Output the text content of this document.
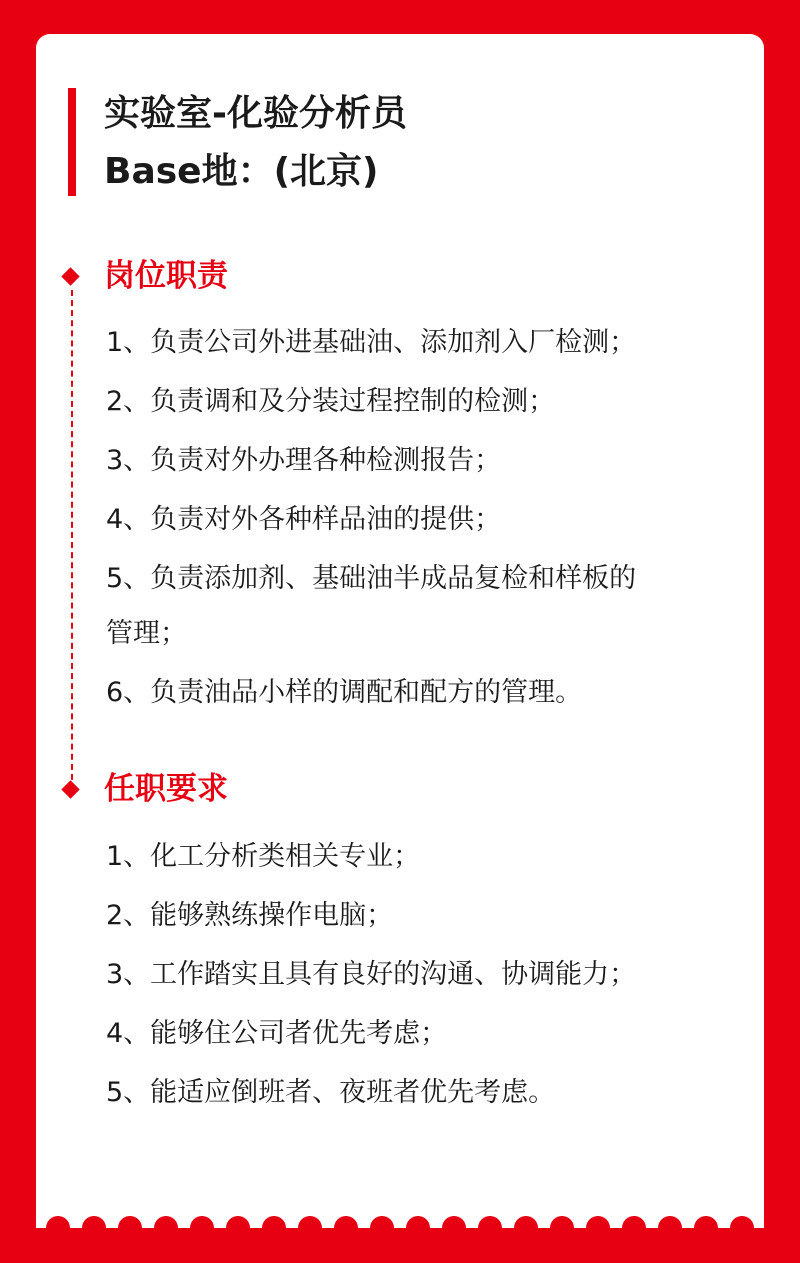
实验室-化验分析员
Base地：(北京)
岗位职责

1、负责公司外进基础油、添加剂入厂检测；

2、负责调和及分装过程控制的检测；

3、负责对外办理各种检测报告；

4、负责对外各种样品油的提供；

5、负责添加剂、基础油半成品复检和样板的

管理；

6、负责油品小样的调配和配方的管理。

任职要求

1、化工分析类相关专业；

2、能够熟练操作电脑；

3、工作踏实且具有良好的沟通、协调能力；

4、能够住公司者优先考虑；

5、能适应倒班者、夜班者优先考虑。
